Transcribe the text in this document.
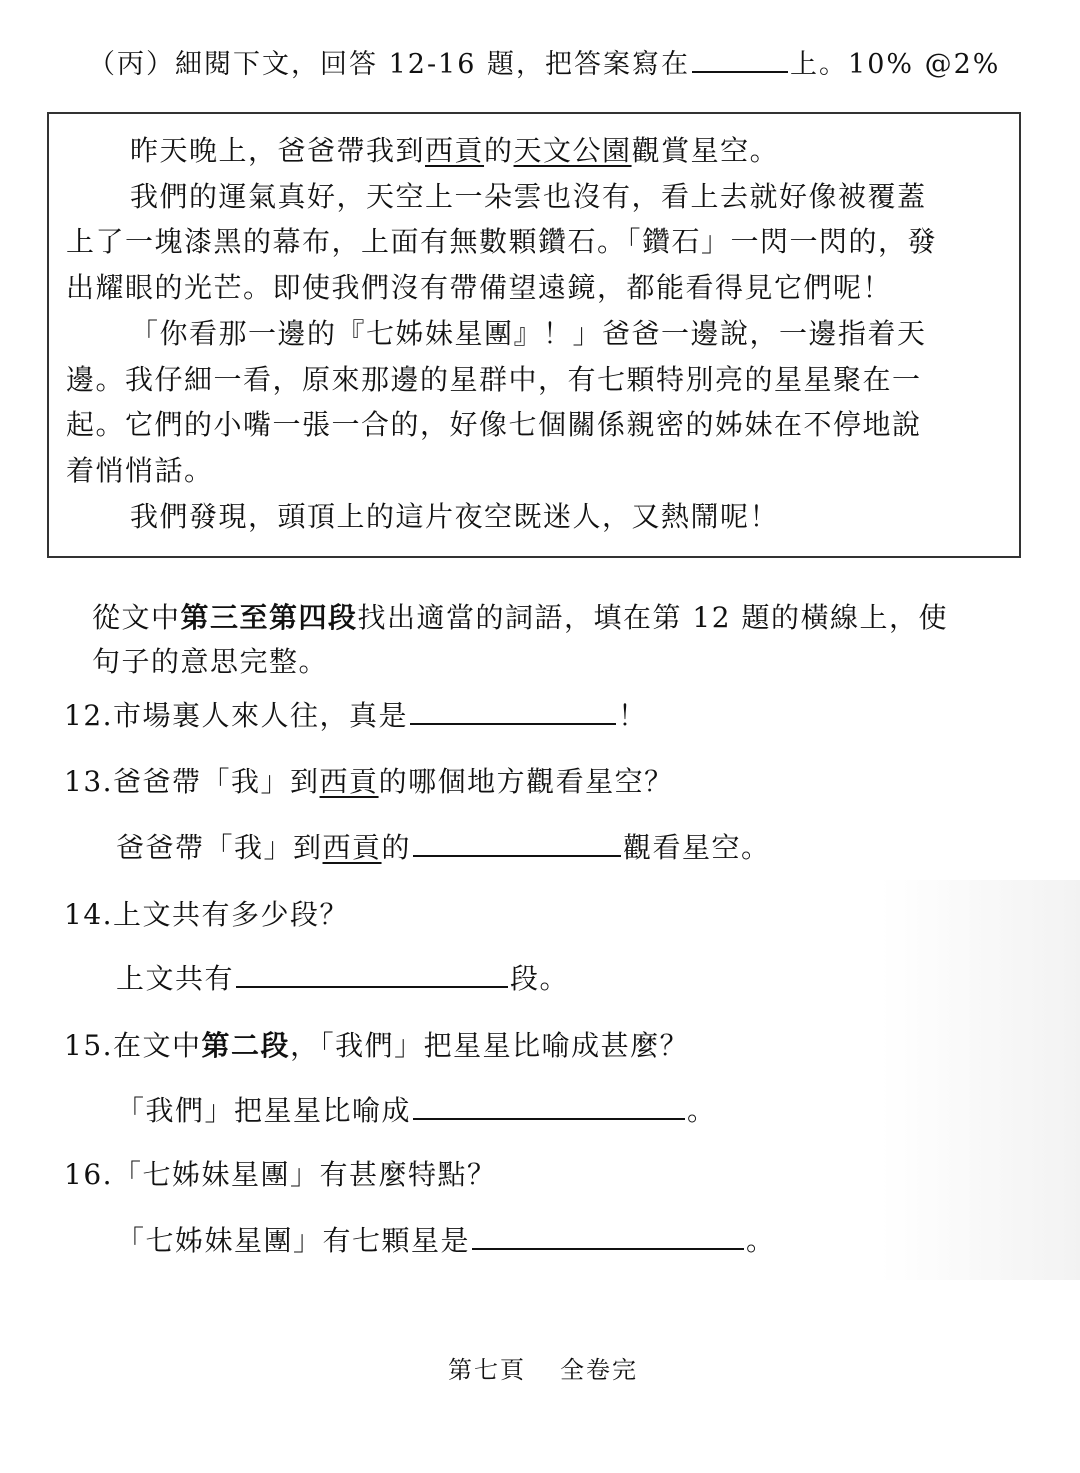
（丙）細閱下文，回答 12-16 題，把答案寫在	上。10% @2%

昨天晚上，爸爸帶我到西貢的天文公園觀賞星空。

我們的運氣真好，天空上一朵雲也沒有，看上去就好像被覆蓋

上了一塊漆黑的幕布，上面有無數顆鑽石。「鑽石」一閃一閃的，發

出耀眼的光芒。即使我們沒有帶備望遠鏡，都能看得見它們呢！

「你看那一邊的『七姊妹星團』！」爸爸一邊說，一邊指着天

邊。我仔細一看，原來那邊的星群中，有七顆特別亮的星星聚在一

起。它們的小嘴一張一合的，好像七個關係親密的姊妹在不停地說

着悄悄話。

我們發現，頭頂上的這片夜空既迷人，又熱鬧呢！

從文中第三至第四段找出適當的詞語，填在第 12 題的橫線上，使

句子的意思完整。

12.市場裏人來人往，真是	！
13.爸爸帶「我」到西貢的哪個地方觀看星空？
爸爸帶「我」到西貢的	觀看星空。
14.上文共有多少段？
上文共有	段。
15.在文中第二段，「我們」把星星比喻成甚麼？
「我們」把星星比喻成	。
16.「七姊妹星團」有甚麼特點？
「七姊妹星團」有七顆星是	。
第七頁 全卷完
